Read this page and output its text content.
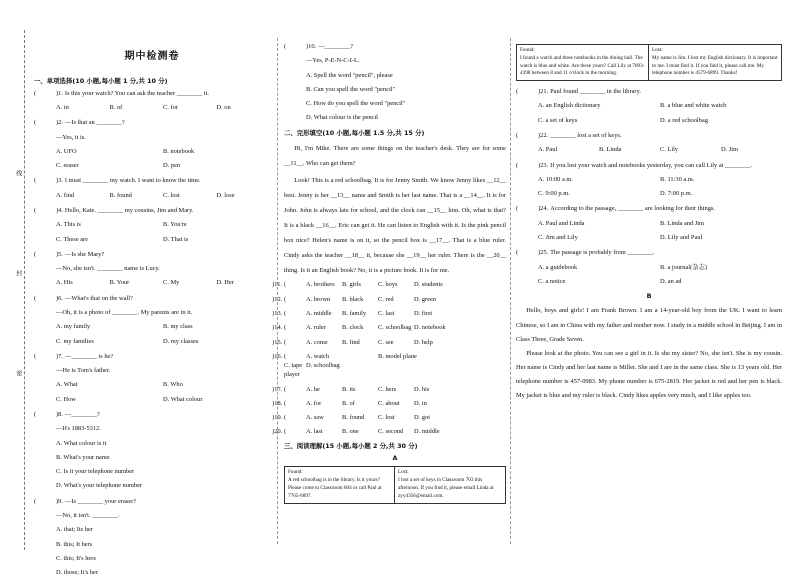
线
封
密
期中检测卷
一、单项选择(10 小题,每小题 1 分,共 10 分)
(	)1. Is this your watch? You can ask the teacher ________ it.
A. in	B. of	C. for	D. on
(	)2. —Is that an ________?
—Yes, it is.
A. UFO	B. notebook
C. eraser	D. pen
(	)3. I must ________ my watch. I want to know the time.
A. find	B. found	C. lost	D. lose
(	)4. Hello, Kate. ________ my cousins, Jim and Mary.
A. This is	B. You're
C. These are	D. That is
(	)5. —Is she Mary?
—No, she isn't. ________ name is Lucy.
A. His	B. Your	C. My	D. Her
(	)6. —What's that on the wall?
—Oh, it is a photo of ________. My parents are in it.
A. my family	B. my class
C. my families	D. my classes
(	)7. —________ is he?
—He is Tom's father.
A. What	B. Who
C. How	D. What colour
(	)8. —________?
—It's 1883-5312.
A. What colour is it
B. What's your name
C. Is it your telephone number
D. What's your telephone number
(	)9. —Is ________ your eraser?
—No, it isn't. ________.
A. that; Its her
B. this; It hers
C. this; It's hers
D. those; It's her
(	)10. —________?
—Yes, P-E-N-C-I-L.
A. Spell the word "pencil", please
B. Can you spell the word "pencil"
C. How do you spell the word "pencil"
D. What colour is the pencil
二、完形填空(10 小题,每小题 1.5 分,共 15 分)

Hi, I'm Mike. There are some things on the teacher's desk. They are for some __11__. Who can get them?

Look! This is a red schoolbag. It is for Jenny Smith. We know Jenny likes __12__ best. Jenny is her __13__ name and Smith is her last name. That is a __14__. It is for John. John is always late for school, and the clock can __15__ him. Oh, what is that? It is a black __16__. Eric can get it. He can listen to English with it. Is the pink pencil box nice? Helen's name is on it, so the pencil box is __17__. That is a blue ruler. Cindy asks the teacher __18__ it, because she __19__ her ruler. There is the __20__ thing. Is it an English book? No, it is a picture book. It is for me.

()11.	A. brothers	B. girls	C. boys	D. students
()12.	A. brown	B. black	C. red	D. green
()13.	A. middle	B. family	C. last	D. first
()14.	A. ruler	B. clock	C. schoolbag D. notebook
()15.	A. come	B. find	C. see	D. help
()16.	A. watch	B. model plane
C. tape player
D. schoolbag
()17.	A. he	B. its	C. hers	D. his
()18.	A. for	B. of	C. about	D. in
()19.	A. saw	B. found	C. lost	D. got
()20.	A. last	B. one	C. second	D. middle
三、阅读理解(15 小题,每小题 2 分,共 30 分)
A
Found:
A red schoolbag is in the library. Is it yours? Please come to Classroom 604 or call Paul at 7765-6897.
Lost:
I lost a set of keys in Classroom 703 this afternoon. If you find it, please email Linda at zyy4356@email.com.
Found:
I found a watch and three notebooks in the dining hall. The watch is blue and white. Are these yours? Call Lily at 7893-4398 between 8 and 11 o'clock in the morning.
Lost:
My name is Jim. I lost my English dictionary. It is important to me. I must find it. If you find it, please call me. My telephone number is 4579-6899. Thanks!
(	)21. Paul found ________ in the library.
A. an English dictionary	B. a blue and white watch
C. a set of keys	D. a red schoolbag
(	)22. ________ lost a set of keys.
A. Paul	B. Linda	C. Lily	D. Jim
(	)23. If you lost your watch and notebooks yesterday, you can call Lily at ________.
A. 10:00 a.m.	B. 11:30 a.m.
C. 9:00 p.m.	D. 7:00 p.m.
(	)24. According to the passage, ________ are looking for their things.
A. Paul and Linda	B. Linda and Jim
C. Jim and Lily	D. Lily and Paul
(	)25. The passage is probably from ________.
A. a guidebook	B. a journal(杂志)
C. a notice	D. an ad
B

Hello, boys and girls! I am Frank Brown. I am a 14-year-old boy from the UK. I want to learn Chinese, so I am in China with my father and mother now. I study in a middle school in Beijing. I am in Class Three, Grade Seven.

Please look at the photo. You can see a girl in it. Is she my sister? No, she isn't. She is my cousin. Her name is Cindy and her last name is Miller. She and I are in the same class. She is 13 years old. Her telephone number is 457-0983. My phone number is 675-2819. Her jacket is red and her pen is black. My jacket is blue and my ruler is black. Cindy likes apples very much, and I like apples too.
